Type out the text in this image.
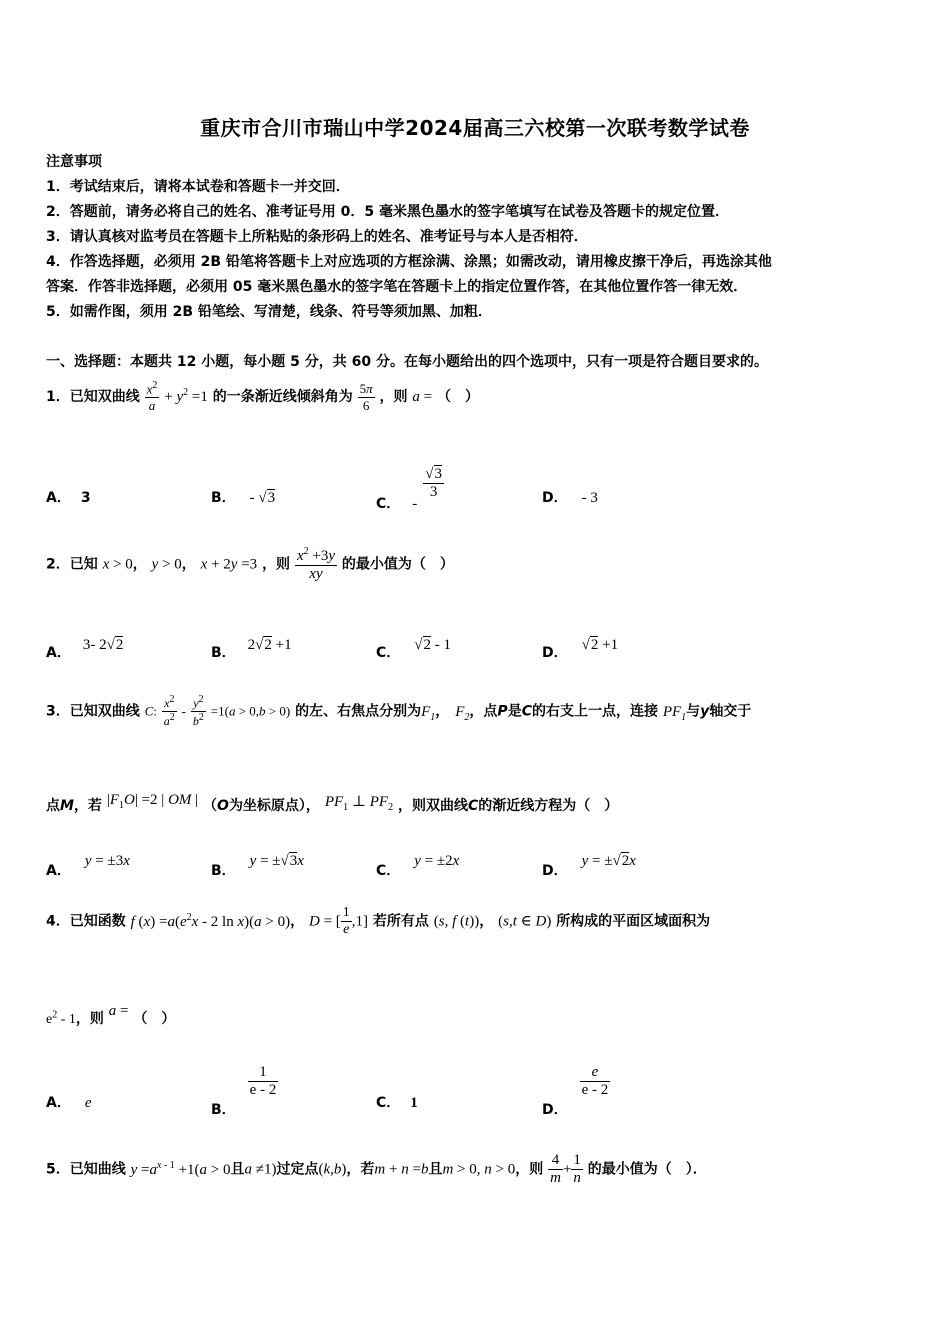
重庆市合川市瑞山中学2024届高三六校第一次联考数学试卷
注意事项
1．考试结束后，请将本试卷和答题卡一并交回．
2．答题前，请务必将自己的姓名、准考证号用 0．5 毫米黑色墨水的签字笔填写在试卷及答题卡的规定位置．
3．请认真核对监考员在答题卡上所粘贴的条形码上的姓名、准考证号与本人是否相符．
4．作答选择题，必须用 2B 铅笔将答题卡上对应选项的方框涂满、涂黑；如需改动，请用橡皮擦干净后，再选涂其他
答案．作答非选择题，必须用 05 毫米黑色墨水的签字笔在答题卡上的指定位置作答，在其他位置作答一律无效．
5．如需作图，须用 2B 铅笔绘、写清楚，线条、符号等须加黑、加粗．
一、选择题：本题共 12 小题，每小题 5 分，共 60 分。在每小题给出的四个选项中，只有一项是符合题目要求的。
1．已知双曲线 $\frac{x^2}{a} + y^2 =1$ 的一条渐近线倾斜角为 $\frac{5\pi}{6}$ ，则 a = （　）
A． 3	B． - √3	C． -
$\frac{√3}{3}$	D． - 3
2．已知 x > 0， y > 0， x + 2y =3 ，则 $\frac{x^2 +3y}{xy}$ 的最小值为（　）
A． 3- 2√2	B． 2√2 +1	C． √2 - 1	D． √2 +1
3．已知双曲线 C: $\frac{x^2}{a^2} - \frac{y^2}{b^2} =1(a > 0,b > 0)$ 的左、右焦点分别为$F_1$， $F_2$，点P是C的右支上一点，连接 $PF_1$与y轴交于
点M，若 $|F_1O| =2$ | OM | （O为坐标原点）， $PF_1$ ⊥ $PF_2$ ，则双曲线C的渐近线方程为（　）
A．y = ±3x
B．y = ±√3x
C．y = ±2x
D．y = ±√2x
4．已知函数 f $(x) =a(e^2x - 2$ ln x)(a > 0)， D = [ $\frac{1}{e} ,1$] 若所有点 (s, f (t))， (s,t ∈ D) 所构成的平面区域面积为
$e^2 - 1$，则 a = （　）
A． e	B．
$\frac{1}{e - 2}$
C． 1	D．
$\frac{e}{e - 2}$
5．已知曲线 $y =a^{x - 1} +1(a > 0$且a ≠1)过定点(k,b)，若m + n =b且m > 0, n > 0，则 $\frac{4}{m} + \frac{1}{n}$ 的最小值为（　）．
